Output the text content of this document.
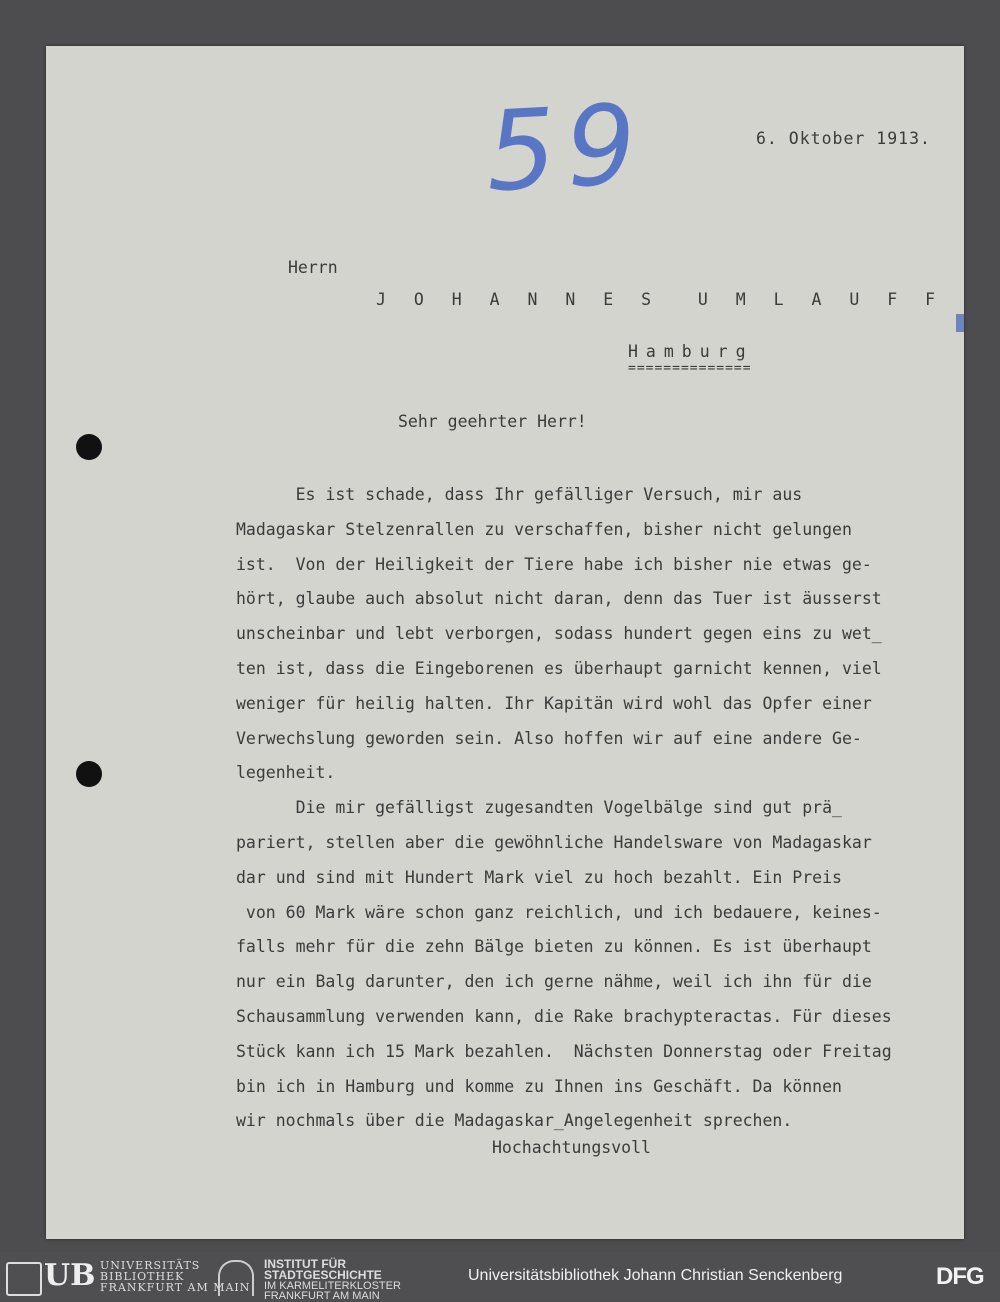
59	6. Oktober 1913.

Herrn

J O H A N N E S  U M L A U F F

Hamburg

==============

Sehr geehrter Herr!

Es ist schade, dass Ihr gefälliger Versuch, mir aus
Madagaskar Stelzenrallen zu verschaffen, bisher nicht gelungen
ist.  Von der Heiligkeit der Tiere habe ich bisher nie etwas ge-
hört, glaube auch absolut nicht daran, denn das Tuer ist äusserst
unscheinbar und lebt verborgen, sodass hundert gegen eins zu wet_
ten ist, dass die Eingeborenen es überhaupt garnicht kennen, viel
weniger für heilig halten. Ihr Kapitän wird wohl das Opfer einer
Verwechslung geworden sein. Also hoffen wir auf eine andere Ge-
legenheit.
Die mir gefälligst zugesandten Vogelbälge sind gut prä_
pariert, stellen aber die gewöhnliche Handelsware von Madagaskar
dar und sind mit Hundert Mark viel zu hoch bezahlt. Ein Preis
von 60 Mark wäre schon ganz reichlich, und ich bedauere, keines-
falls mehr für die zehn Bälge bieten zu können. Es ist überhaupt
nur ein Balg darunter, den ich gerne nähme, weil ich ihn für die
Schausammlung verwenden kann, die Rake brachypteractas. Für dieses
Stück kann ich 15 Mark bezahlen.  Nächsten Donnerstag oder Freitag
bin ich in Hamburg und komme zu Ihnen ins Geschäft. Da können
wir nochmals über die Madagaskar_Angelegenheit sprechen.

Hochachtungsvoll

UB UNIVERSITÄTS
BIBLIOTHEK
FRANKFURT AM MAIN
INSTITUT FÜR
STADTGESCHICHTE
IM KARMELITERKLOSTER
FRANKFURT AM MAIN
Universitätsbibliothek Johann Christian Senckenberg	DFG
